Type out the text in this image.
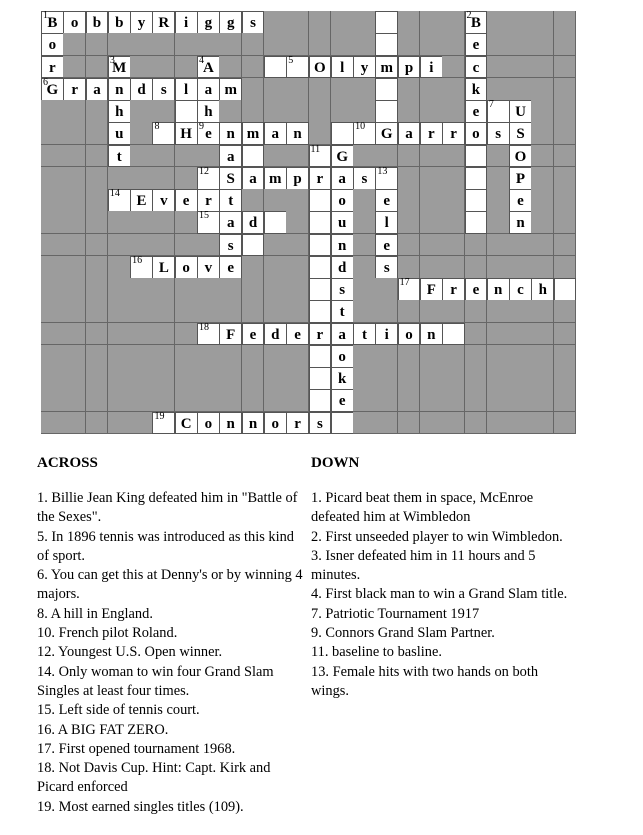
1 B o b b y R i	g g	s	2 B
o	e
r	3
M	4
A	5	O l	y m p	i	c
6
G r	a n d	s	l	a m	k
h	h	e 7	U
u	8	H 9 e n m a n	10	G a	r	r	o	s	S
t	a	11	G	O
12	S a m p r	a	s 13	P
14	E v	e	r	t	o	e	e
15	a d	u	l	n
s	n	e
16	L o v	e	d	s
s	17	F r	e n c h
t
18	F e d e	r	a	t	i	o n
o
k
e
19	C o n n o	r	s
ACROSS	DOWN
1. Billie Jean King defeated him in "Battle of the Sexes".
5. In 1896 tennis was introduced as this kind of sport.
6. You can get this at Denny's or by winning 4 majors.
8. A hill in England.
10. French pilot Roland.
12. Youngest U.S. Open winner.
14. Only woman to win four Grand Slam Singles at least four times.
15. Left side of tennis court.
16. A BIG FAT ZERO.
17. First opened tournament 1968.
18. Not Davis Cup. Hint: Capt. Kirk and Picard enforced
19. Most earned singles titles (109).
1. Picard beat them in space, McEnroe defeated him at Wimbledon
2. First unseeded player to win Wimbledon.
3. Isner defeated him in 11 hours and 5 minutes.
4. First black man to win a Grand Slam title.
7. Patriotic Tournament 1917
9. Connors Grand Slam Partner.
11. baseline to basline.
13. Female hits with two hands on both wings.
